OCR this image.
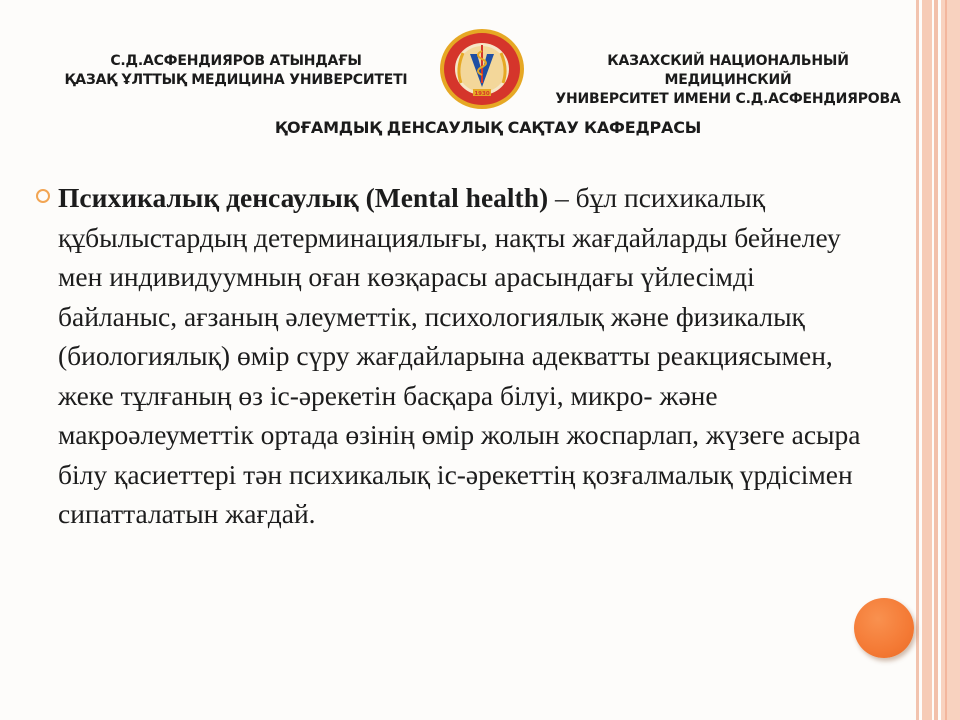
С.Д.АСФЕНДИЯРОВ АТЫНДАҒЫ
ҚАЗАҚ ҰЛТТЫҚ МЕДИЦИНА УНИВЕРСИТЕТІ
КАЗАХСКИЙ НАЦИОНАЛЬНЫЙ МЕДИЦИНСКИЙ
УНИВЕРСИТЕТ ИМЕНИ С.Д.АСФЕНДИЯРОВА
1930
ҚОҒАМДЫҚ ДЕНСАУЛЫҚ САҚТАУ КАФЕДРАСЫ
Психикалық денсаулық (Mental health) – бұл психикалық құбылыстардың детерминациялығы, нақты жағдайларды бейнелеу мен индивидуумның оған көзқарасы арасындағы үйлесімді байланыс, ағзаның әлеуметтік, психологиялық және физикалық (биологиялық) өмір сүру жағдайларына адекватты реакциясымен, жеке тұлғаның өз іс-әрекетін басқара білуі, микро- және макроәлеуметтік ортада өзінің өмір жолын жоспарлап, жүзеге асыра білу қасиеттері тән психикалық іс-әрекеттің қозғалмалық үрдісімен сипатталатын жағдай.
